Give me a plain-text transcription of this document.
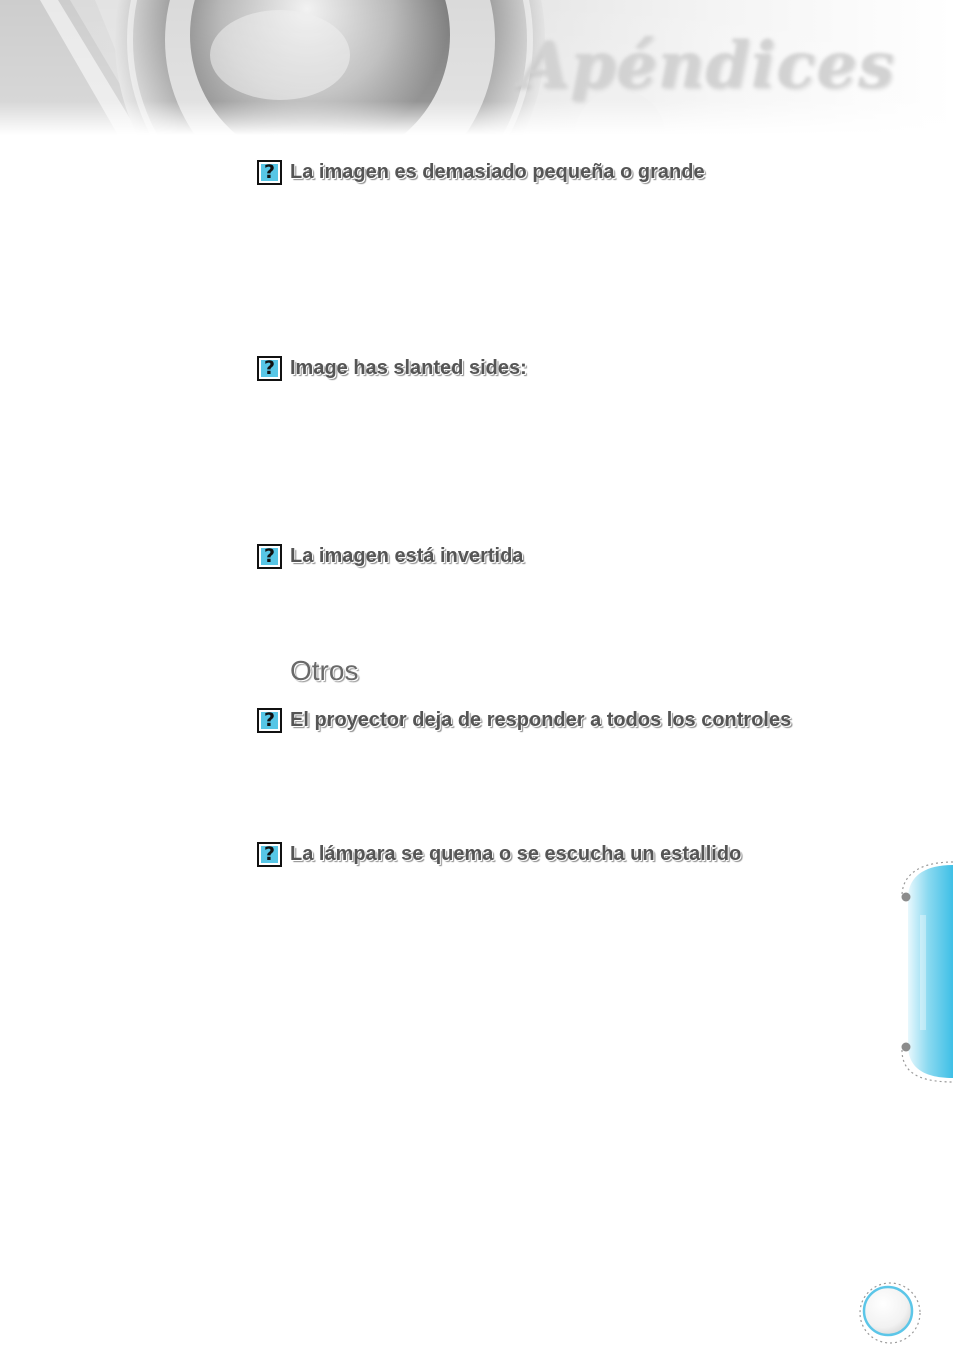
Apéndices
? La imagen es demasiado pequeña o grande
? Image has slanted sides:
? La imagen está invertida
Otros
? El proyector deja de responder a todos los controles
? La lámpara se quema o se escucha un estallido
